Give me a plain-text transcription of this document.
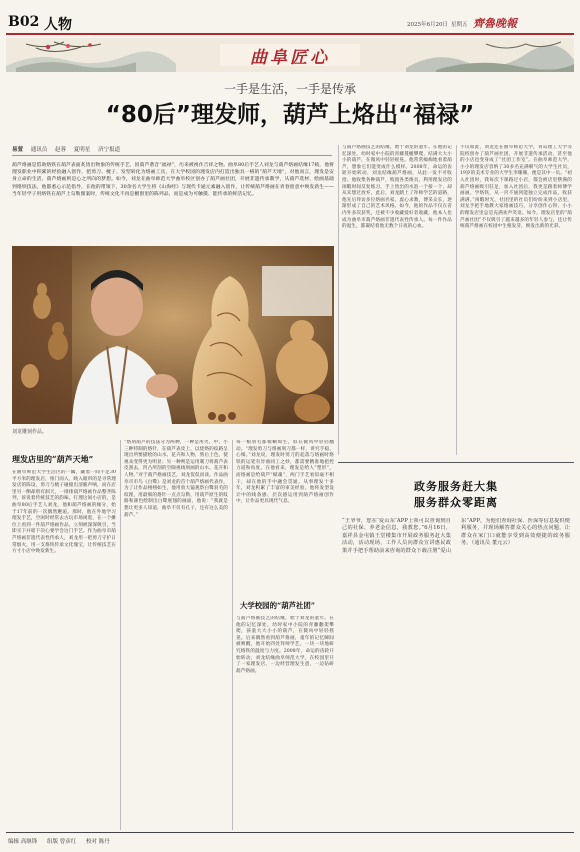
B02 人物	2025年6月20日 星期五 齊魯晚報
曲阜匠心
一手是生活，一手是传承
“80后”理发师，葫芦上烙出“福禄”
易萱 通讯员 赵蓉 夏明星 济宁报道
葫芦烙画是借助烙铁在葫芦表面炙烫出物象的传统手艺，因葫芦谐音“福禄”，历来被视作吉祥之物。曲阜80后手艺人刘龙与葫芦烙画结缘17载，他将理发职业中积累的经验融入创作，把剪刀、梳子、发型转化为烙画工具，在大学校园的理发店内打造出独具一格的“葫芦天地”，对他而言，理发是安身立命的生活，葫芦烙画则是心之所向的梦想。如今，刘龙在曲阜师范大学曲阜校区创办了葫芦画社团，开展非遗传承教学，从葫芦选材、绘画基础到烙铁技法，他都悉心示范指导，在他的带领下，30余名大学生将《山海经》与现代卡通元素融入创作，让传统葫芦烙画在青春创意中焕发新生——当年轻学子用烙铁在葫芦上勾勒图案时，传统文化不再是橱窗里的陈列品，而是成为可触摸、能传承的鲜活记忆。
刘龙雕刻作品。
理发店里的“葫芦天地”
在曲阜师范大学生活区的一隅，藏着一间不足30平方米的理发店，推门而入，映入眼帘的是寻常理发店的陈设，剪刀与梳子碰撞出清脆声响，而在店里另一侧却别有洞天，一排排葫芦烙画作品整齐陈列，诉说着传统技艺的韵味。打理这间小店的，是曲阜80后手艺人刘龙，他和葫芦烙画的缘分，始于17年前的一次偶然邂逅。那时，他在外地学习理发手艺，空闲时经常去古玩市场闲逛，在一个摊位上看到一件葫芦烙画作品，立刻被深深吸引，当即买下并暗下决心要学会这门手艺。作为曲阜市葫芦烙画非遗代表性传承人，刘龙用一把剪刀守护日常烟火，用一支烙铁传承文化瑰宝，让传统技艺在方寸小店中焕发新生。
“烙刻葫芦的技法分为两种，一种是用火、中、小三种特制的烙针，在葫芦表皮上，以烧烙的纹路呈现出所要描绘的山水、花卉和人物，然后上色。使视朵变得更为明显；另一种则是运用剃刀将葫芦表皮刮去，凹凸所刮的空隙视线刻画的山水、花卉和人物。”对于葫芦烙画技艺，刘龙侃侃而谈。作品曲阜市市鸟《白鹭》是刘龙的首个葫芦烙画代表作，为了让作品栩栩如生，他用放大镜观察白鹭羽毛的纹理，用最细的烙针一点点勾勒，用葫芦原生的纹路和颜色绘制出白鹭展翅的画面，他说：“我就是想让更多人知道，曲阜不仅有孔子，还有这么美的葫芦。”
每一根羽毛都模糊如生，似在微风中轻轻翻动。“理发剪刀与烙画刻刀都一样，讲究手稳、心细。”刘龙说，理发时剪刀的起落与烙画时烙铁的运笔有异曲同工之妙，都需要精准地把控力道和角度。在他看来，理发是给人“塑形”，而烙画是给葫芦“赋魂”，两门手艺看似毫不相干，却在他的手中融会贯通。从事理发十多年，刘龙积累了丰富的审美经验，他将发型设计中的线条感、层次感运用到葫芦烙画创作中，让作品更具现代气息。
大学校园的“葫芦社团”
与葫芦烙画技艺的结缘，始于刘龙的童年。在他的记忆深处，幼时家中小院的青藤翻架攀爬，孩童大大小小的葫芦，在微风中轻轻摇晃。后来偶然看到葫芦烙画，童年的记忆瞬间被唤醒，他开始四处拜师学艺，一块一块地研究烙铁的温度与力度。2008年，命运的齿轮开始转动，刘龙结缘曲阜师范大学，在校园里开了一家理发店，一边经营理发生意，一边钻研葫芦烙画。
与葫芦烙画技艺的结缘，始于刘龙的童年。在他的记忆深处，幼时家中小院的青藤蔓蜒攀爬，结满大大小小的葫芦，在微风中轻轻摇晃。他常常痴痴地看着葫芦，想象它们能变成什么模样。2008年，命运的齿轮开始转动，刘龙结缘葫芦烙画，从此一发不可收拾。他收集各种葫芦，购置各类烙具，利用理发店的闲暇时间反复练习，手上烫出的水泡一个接一个，却从未想过放弃。此后，刘龙踏上了拜师学艺的道路，他先后拜访多位烙画名家，虚心求教，博采众长，逐渐形成了自己的艺术风格。如今，他的作品不仅在省内外多次获奖，还被不少收藏爱好者收藏，他本人也成为曲阜市葫芦烙画非遗代表性传承人。每一件作品的诞生，都凝结着他无数个日夜的心血。
不仅如此，刘龙还在曲阜师范大学，青岛理工大学等院校创办了葫芦画社团，开展非遗传承活动，甚至他的小店也变身成了“社团工作室”。在曲阜师范大学，小小的理发店容纳了30多名充满朝气的大学生社员，19岁的美术专业的大学生李珊珊，便是其中一员。“初入社团时，我每次下课路过小店，都会被店里摆满的葫芦烙画吸引驻足，加入社团后，我更是跟着师傅学画画、学烙铁，从一窍不通到能独立完成作品，收获满满。”闲暇时光，社团里的社员们纷纷来到小店里，刘龙手把手地教大家烙画技巧，分享创作心得，小小的理发店里总是充满欢声笑语。如今，理发店里的“葫芦画社团”不仅吸引了越来越多的年轻人参与，还让传统葫芦烙画在校园中生根发芽，焕发出新的光彩。
政务服务赶大集
服务群众零距离
“王爷爷，您在‘爱山东’APP上领可以查询到自己的社保、养老金信息，我教您。”6月16日，嘉祥县金屯镇王堂楼集市开展政务服务赶大集活动，活动现场，工作人员向群众宣讲惠民政策并手把手帮助前来咨询的群众下载注册“爱山东”APP，为他们查询社保、医保等信息提供便利服务，并现场解答群众关心的热点问题，让群众在家门口就能享受到高效便捷的政务服务。（通讯员 董元云）
编辑 高继锋 组版 曾彦红 校对 陈丹
